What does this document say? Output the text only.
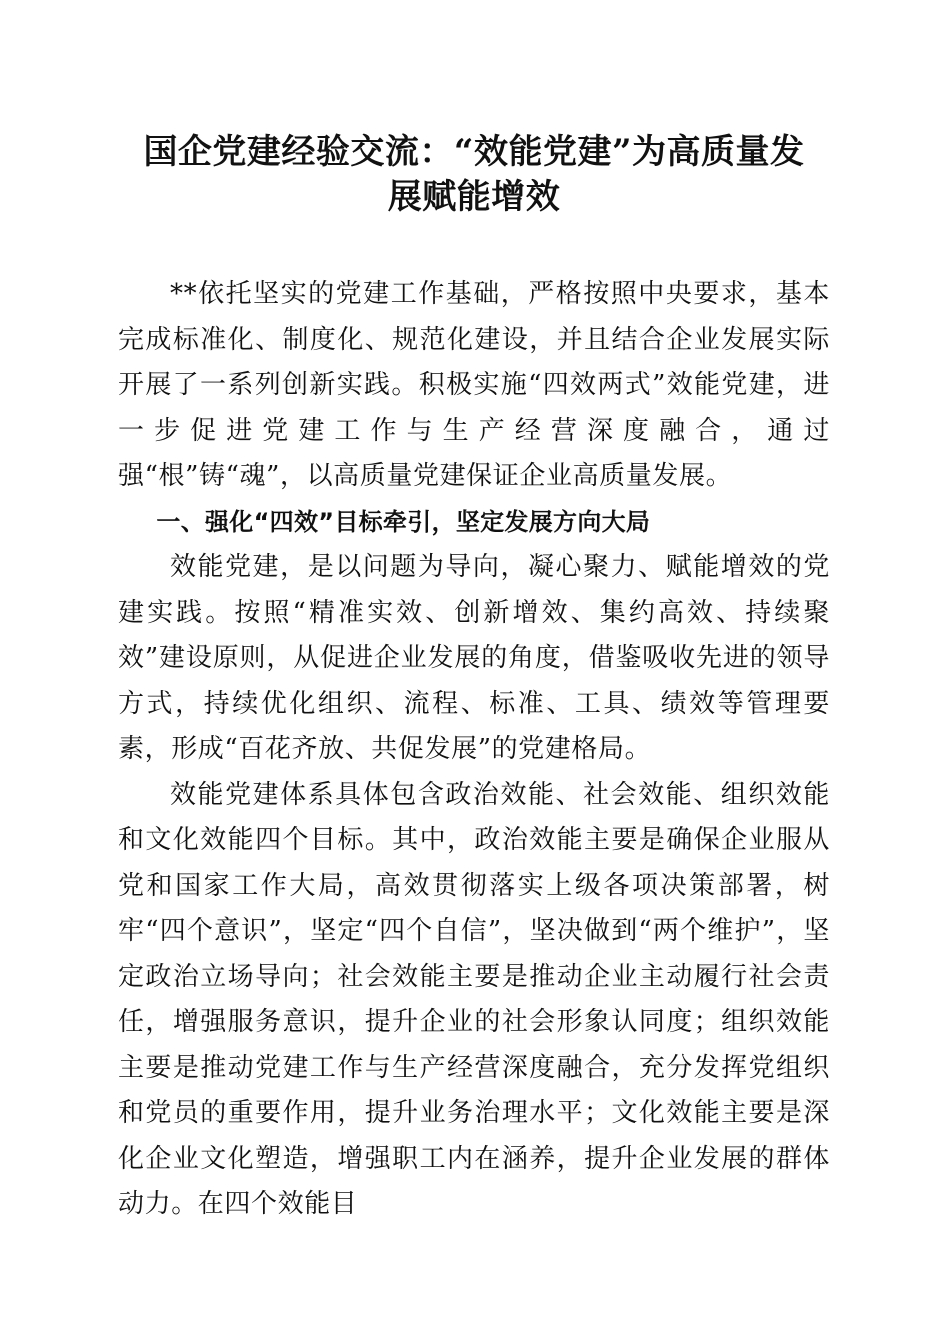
国企党建经验交流：“效能党建”为高质量发
展赋能增效

**依托坚实的党建工作基础，严格按照中央要求，基本完成标准化、制度化、规范化建设，并且结合企业发展实际开展了一系列创新实践。积极实施“四效两式”效能党建，进一步促进党建工作与生产经营深度融合，通过强“根”铸“魂”，以高质量党建保证企业高质量发展。

一、强化“四效”目标牵引，坚定发展方向大局

效能党建，是以问题为导向，凝心聚力、赋能增效的党建实践。按照“精准实效、创新增效、集约高效、持续聚效”建设原则，从促进企业发展的角度，借鉴吸收先进的领导方式，持续优化组织、流程、标准、工具、绩效等管理要素，形成“百花齐放、共促发展”的党建格局。

效能党建体系具体包含政治效能、社会效能、组织效能和文化效能四个目标。其中，政治效能主要是确保企业服从党和国家工作大局，高效贯彻落实上级各项决策部署，树牢“四个意识”，坚定“四个自信”，坚决做到“两个维护”，坚定政治立场导向；社会效能主要是推动企业主动履行社会责任，增强服务意识，提升企业的社会形象认同度；组织效能主要是推动党建工作与生产经营深度融合，充分发挥党组织和党员的重要作用，提升业务治理水平；文化效能主要是深化企业文化塑造，增强职工内在涵养，提升企业发展的群体动力。在四个效能目
